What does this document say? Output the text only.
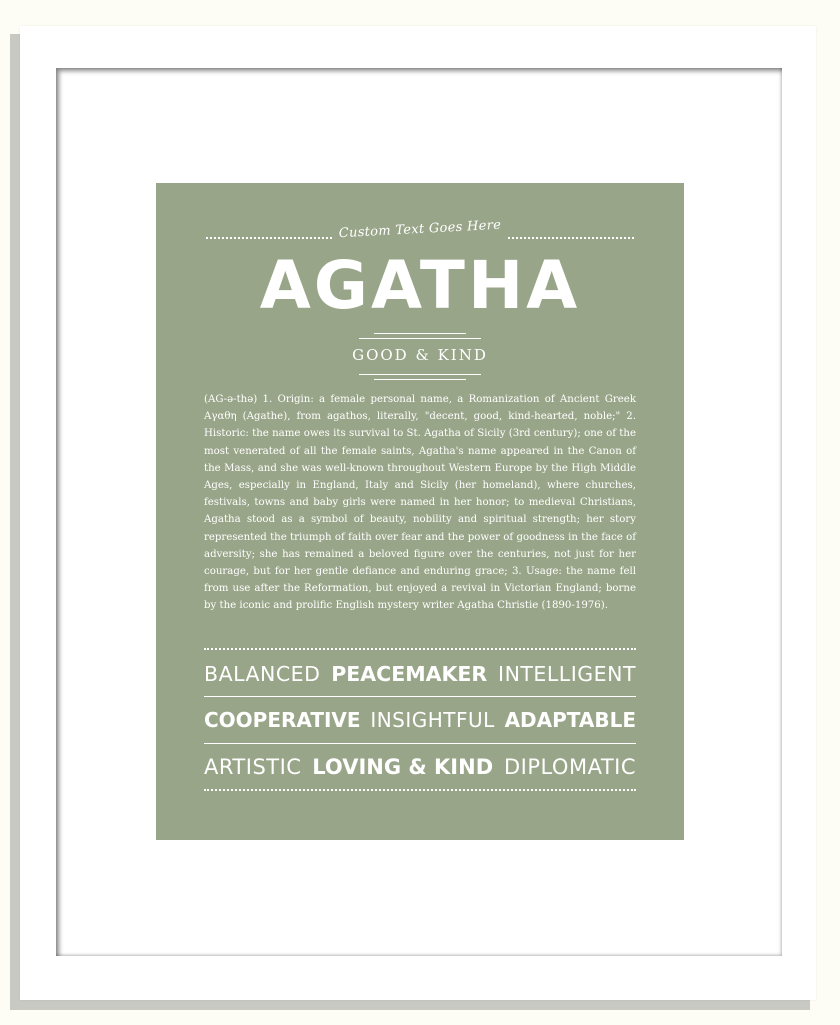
Custom Text Goes Here
AGATHA
GOOD & KIND
(AG-ə-thə) 1. Origin: a female personal name, a Romanization of Ancient Greek Αγαθη (Agathe), from agathos, literally, "decent, good, kind-hearted, noble;" 2. Historic: the name owes its survival to St. Agatha of Sicily (3rd century); one of the most venerated of all the female saints, Agatha's name appeared in the Canon of the Mass, and she was well-known throughout Western Europe by the High Middle Ages, especially in England, Italy and Sicily (her homeland), where churches, festivals, towns and baby girls were named in her honor; to medieval Christians, Agatha stood as a symbol of beauty, nobility and spiritual strength; her story represented the triumph of faith over fear and the power of goodness in the face of adversity; she has remained a beloved figure over the centuries, not just for her courage, but for her gentle defiance and enduring grace; 3. Usage: the name fell from use after the Reformation, but enjoyed a revival in Victorian England; borne by the iconic and prolific English mystery writer Agatha Christie (1890-1976).
BALANCED PEACEMAKER INTELLIGENT
COOPERATIVE INSIGHTFUL ADAPTABLE
ARTISTIC LOVING & KIND DIPLOMATIC
